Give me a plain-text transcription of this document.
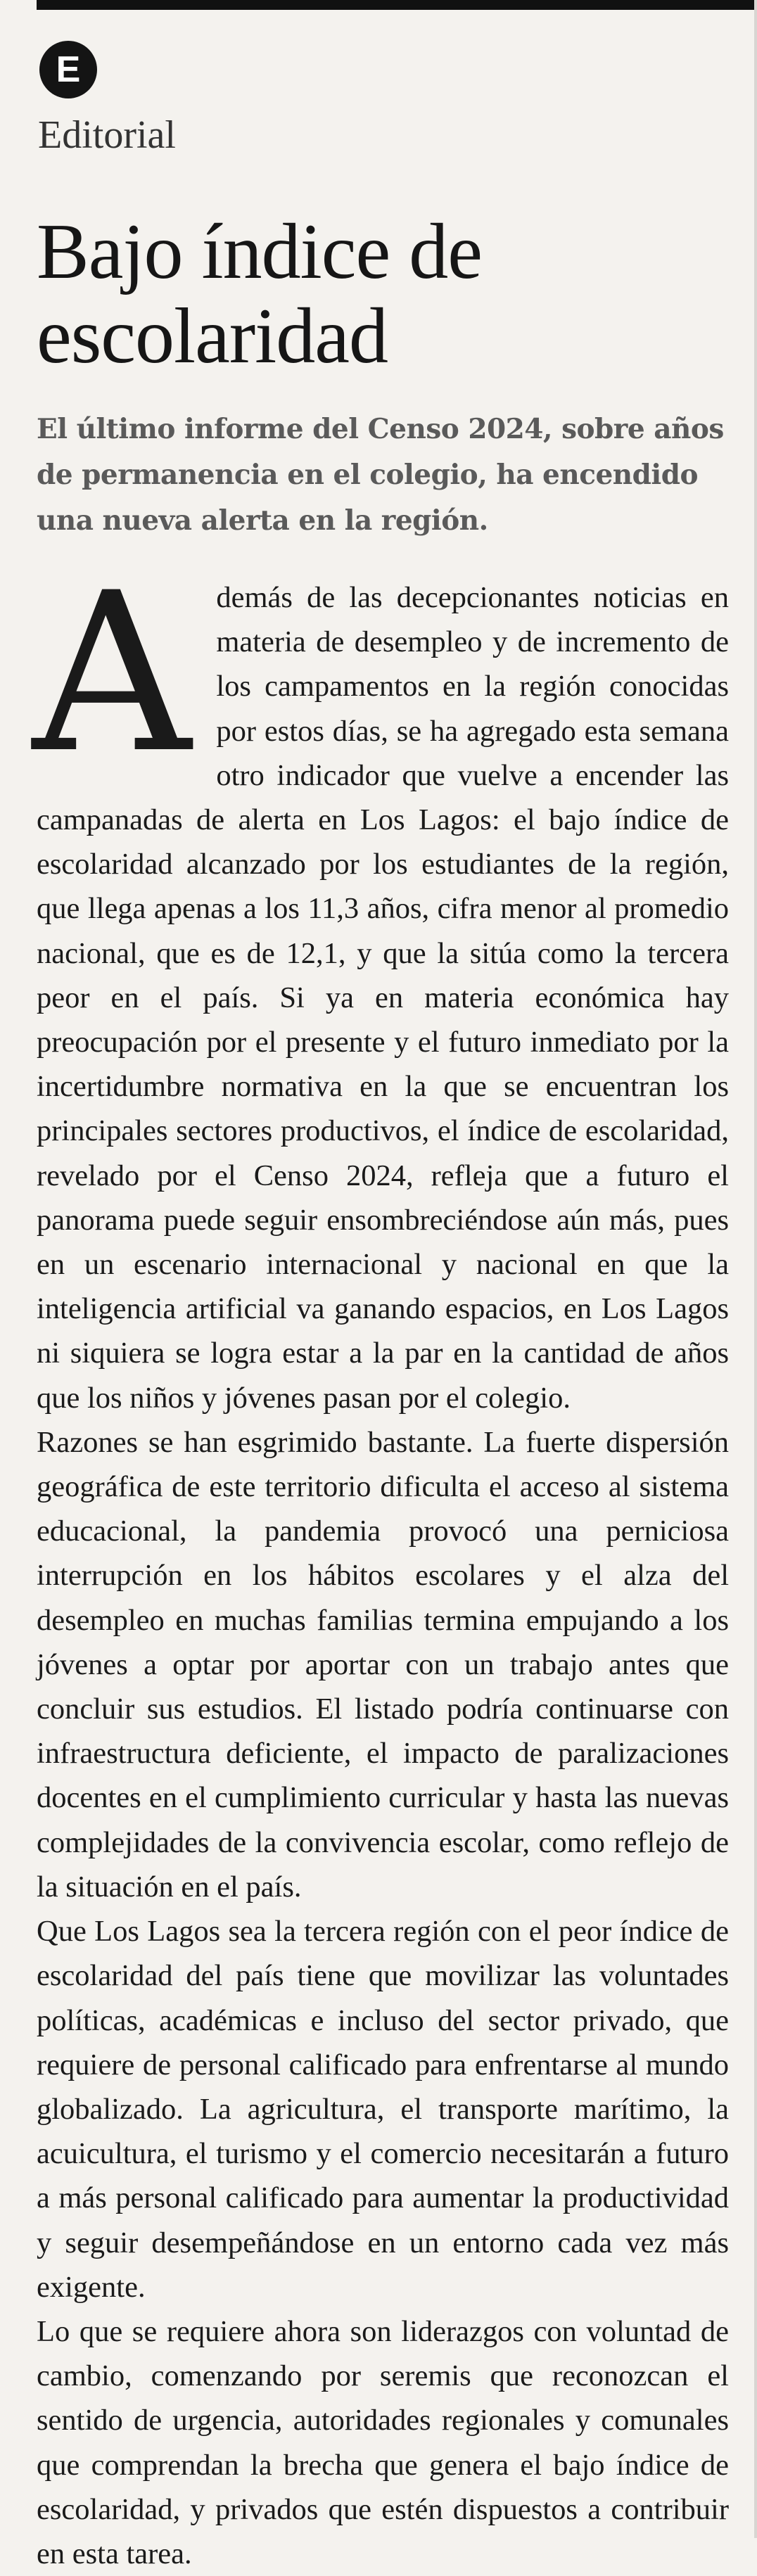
E
Editorial
Bajo índice de escolaridad

El último informe del Censo 2024, sobre años de permanencia en el colegio, ha encendido una nueva alerta en la región.

Además de las decepcionantes noticias en materia de desempleo y de incremento de los campamentos en la región conocidas por estos días, se ha agregado esta semana otro indicador que vuelve a encender las campanadas de alerta en Los Lagos: el bajo índice de escolaridad alcanzado por los estudiantes de la región, que llega apenas a los 11,3 años, cifra menor al promedio nacional, que es de 12,1, y que la sitúa como la tercera peor en el país. Si ya en materia económica hay preocupación por el presente y el futuro inmediato por la incertidumbre normativa en la que se encuentran los principales sectores productivos, el índice de escolaridad, revelado por el Censo 2024, refleja que a futuro el panorama puede seguir ensombreciéndose aún más, pues en un escenario internacional y nacional en que la inteligencia artificial va ganando espacios, en Los Lagos ni siquiera se logra estar a la par en la cantidad de años que los niños y jóvenes pasan por el colegio.

Razones se han esgrimido bastante. La fuerte dispersión geográfica de este territorio dificulta el acceso al sistema educacional, la pandemia provocó una perniciosa interrupción en los hábitos escolares y el alza del desempleo en muchas familias termina empujando a los jóvenes a optar por aportar con un trabajo antes que concluir sus estudios. El listado podría continuarse con infraestructura deficiente, el impacto de paralizaciones docentes en el cumplimiento curricular y hasta las nuevas complejidades de la convivencia escolar, como reflejo de la situación en el país.

Que Los Lagos sea la tercera región con el peor índice de escolaridad del país tiene que movilizar las voluntades políticas, académicas e incluso del sector privado, que requiere de personal calificado para enfrentarse al mundo globalizado. La agricultura, el transporte marítimo, la acuicultura, el turismo y el comercio necesitarán a futuro a más personal calificado para aumentar la productividad y seguir desempeñándose en un entorno cada vez más exigente.

Lo que se requiere ahora son liderazgos con voluntad de cambio, comenzando por seremis que reconozcan el sentido de urgencia, autoridades regionales y comunales que comprendan la brecha que genera el bajo índice de escolaridad, y privados que estén dispuestos a contribuir en esta tarea.
